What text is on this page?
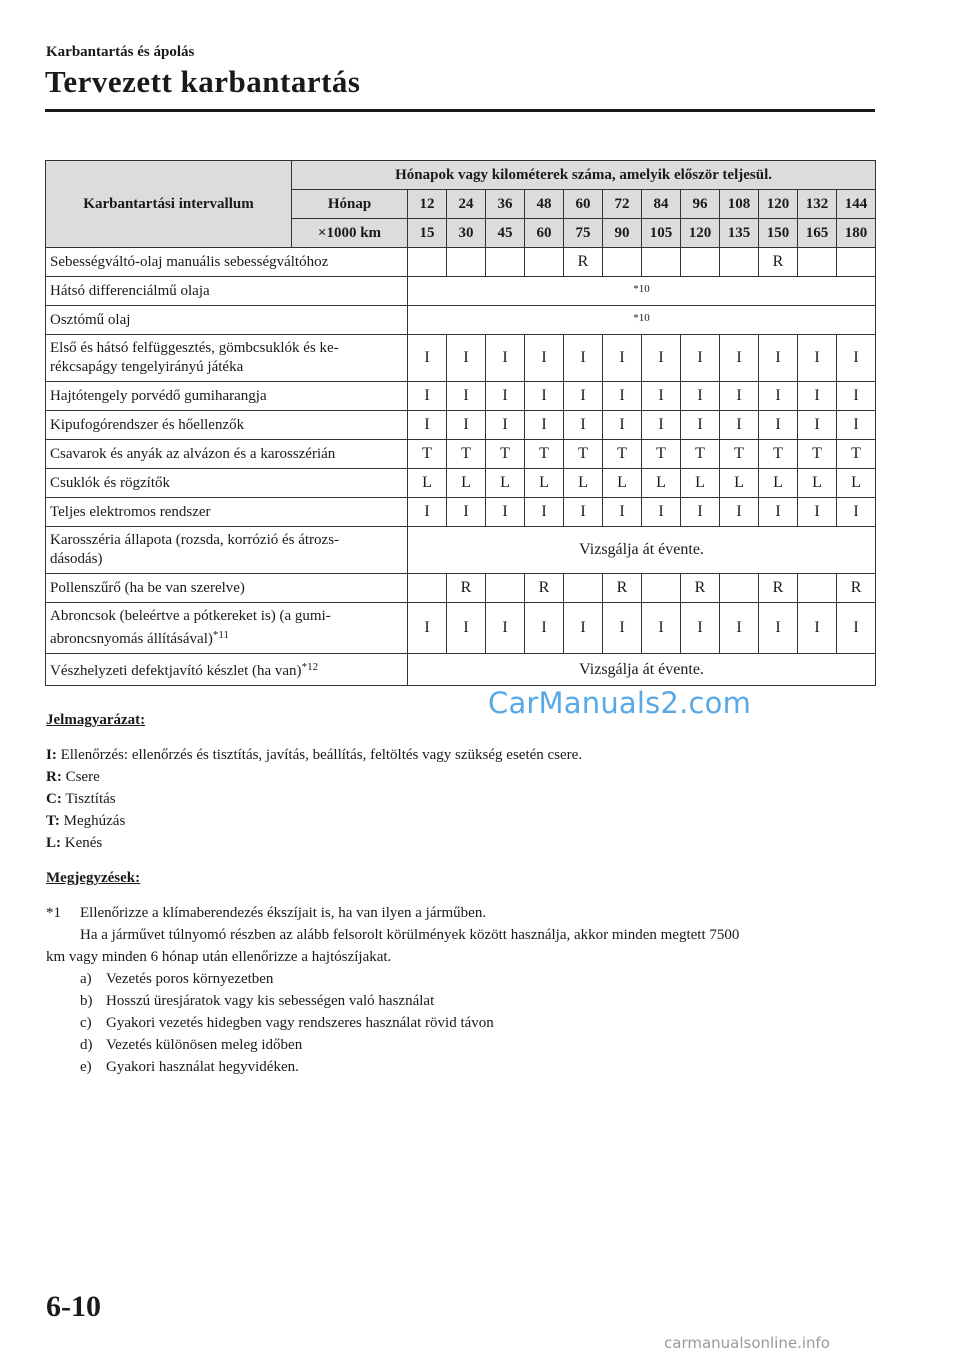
Karbantartás és ápolás
Tervezett karbantartás
Karbantartási intervallum	Hónapok vagy kilométerek száma, amelyik először teljesül.												
	Hónap	12	24	36	48	60	72	84	96	108	120	132	144
	×1000 km	15	30	45	60	75	90	105	120	135	150	165	180
Sebességváltó-olaj manuális sebességváltóhoz						R					R		
Hátsó differenciálmű olaja		*10											
Osztómű olaj		*10											
Első és hátsó felfüggesztés, gömbcsuklók és ke-
rékcsapágy tengelyirányú játéka		I	I	I	I	I	I	I	I	I	I	I	I
Hajtótengely porvédő gumiharangja		I	I	I	I	I	I	I	I	I	I	I	I
Kipufogórendszer és hőellenzők		I	I	I	I	I	I	I	I	I	I	I	I
Csavarok és anyák az alvázon és a karosszérián		T	T	T	T	T	T	T	T	T	T	T	T
Csuklók és rögzítők		L	L	L	L	L	L	L	L	L	L	L	L
Teljes elektromos rendszer		I	I	I	I	I	I	I	I	I	I	I	I
Karosszéria állapota (rozsda, korrózió és átrozs-
dásodás)		Vizsgálja át évente.											
Pollenszűrő (ha be van szerelve)			R		R		R		R		R		R
Abroncsok (beleértve a pótkereket is) (a gumi-
abroncsnyomás állításával)$^{*11}$		I	I	I	I	I	I	I	I	I	I	I	I
Vészhelyzeti defektjavító készlet (ha van)$^{*12}$		Vizsgálja át évente.											
CarManuals2.com
Jelmagyarázat:
I: Ellenőrzés: ellenőrzés és tisztítás, javítás, beállítás, feltöltés vagy szükség esetén csere.
R: Csere
C: Tisztítás
T: Meghúzás
L: Kenés
Megjegyzések:
*1 Ellenőrizze a klímaberendezés ékszíjait is, ha van ilyen a járműben.
Ha a járművet túlnyomó részben az alább felsorolt körülmények között használja, akkor minden megtett 7500
km vagy minden 6 hónap után ellenőrizze a hajtószíjakat.
a) Vezetés poros környezetben
b) Hosszú üresjáratok vagy kis sebességen való használat
c) Gyakori vezetés hidegben vagy rendszeres használat rövid távon
d) Vezetés különösen meleg időben
e) Gyakori használat hegyvidéken.
6-10
carmanualsonline.info
